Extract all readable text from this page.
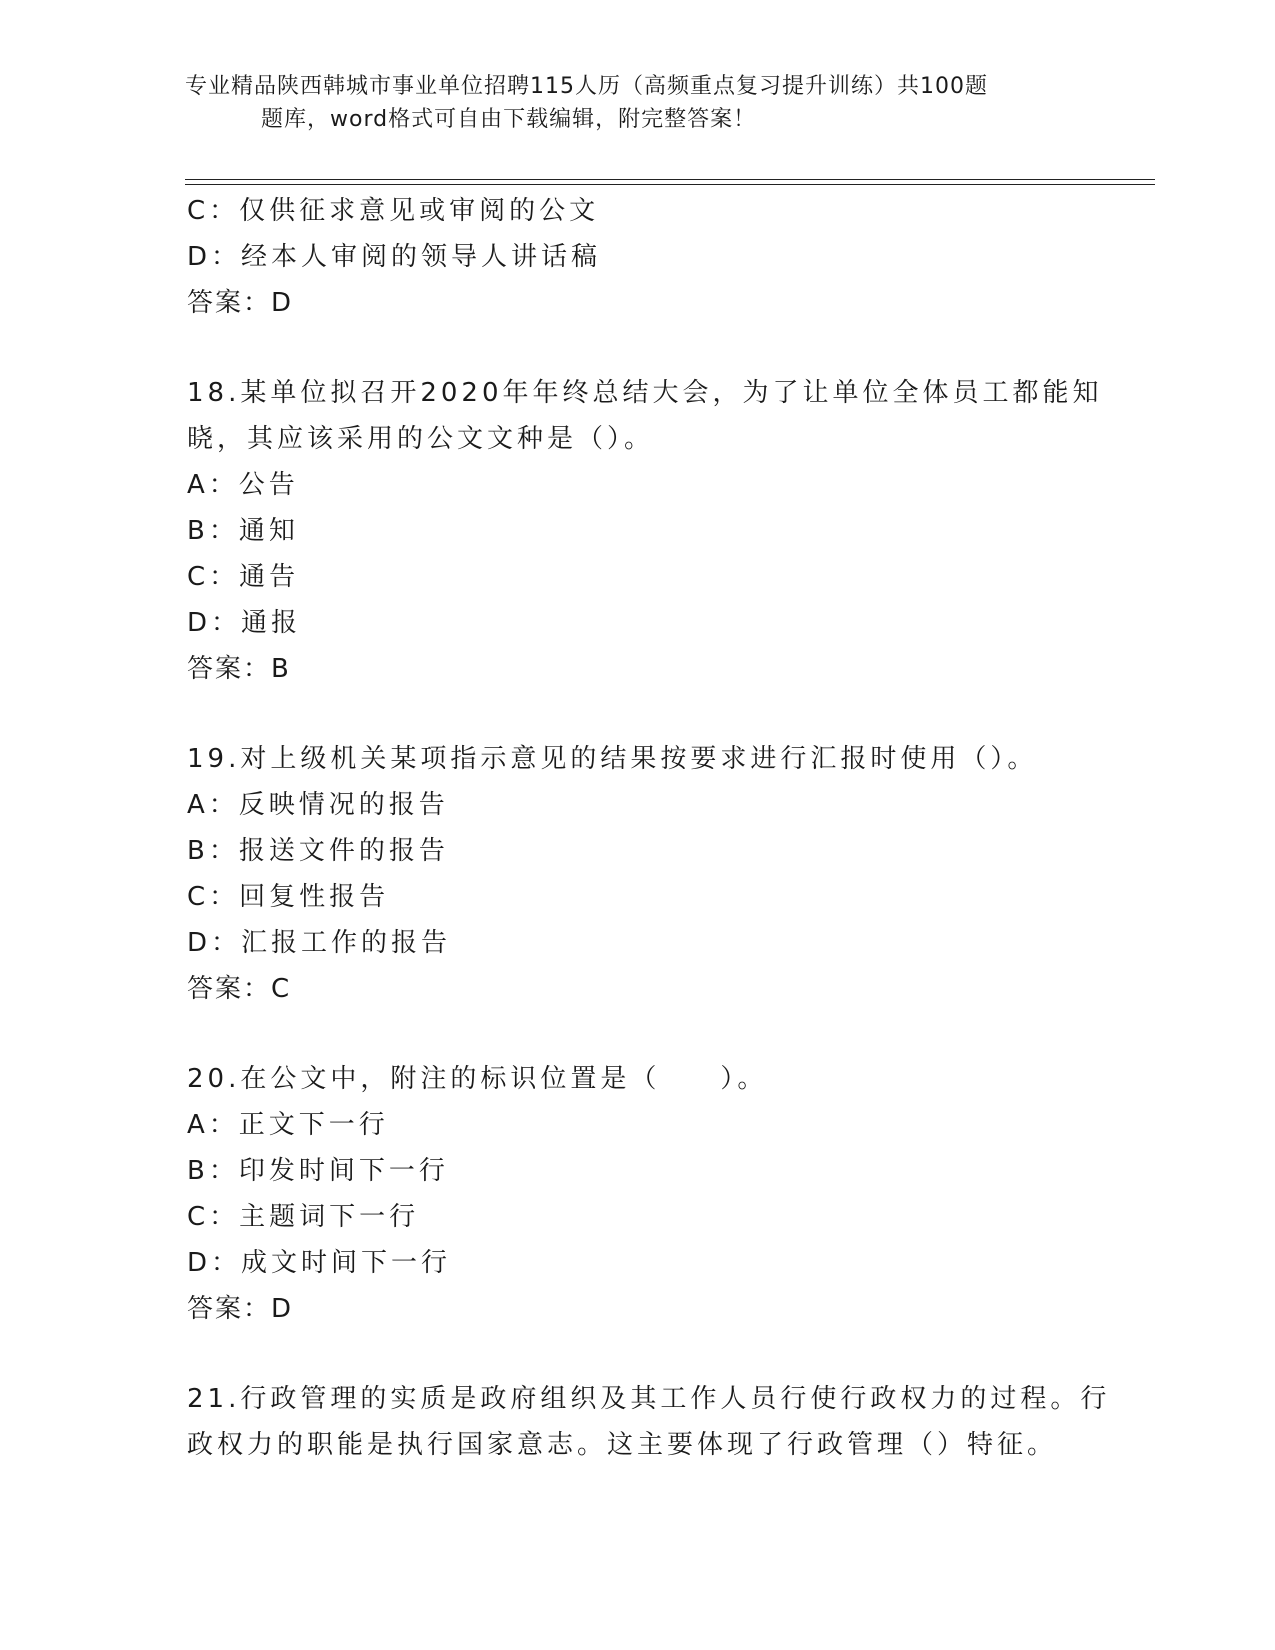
专业精品陕西韩城市事业单位招聘115人历（高频重点复习提升训练）共100题
题库，word格式可自由下载编辑，附完整答案！
C：仅供征求意见或审阅的公文
D：经本人审阅的领导人讲话稿
答案：D
18.某单位拟召开2020年年终总结大会，为了让单位全体员工都能知
晓，其应该采用的公文文种是（）。
A：公告
B：通知
C：通告
D：通报
答案：B
19.对上级机关某项指示意见的结果按要求进行汇报时使用（）。
A：反映情况的报告
B：报送文件的报告
C：回复性报告
D：汇报工作的报告
答案：C
20.在公文中，附注的标识位置是（　　）。
A：正文下一行
B：印发时间下一行
C：主题词下一行
D：成文时间下一行
答案：D
21.行政管理的实质是政府组织及其工作人员行使行政权力的过程。行
政权力的职能是执行国家意志。这主要体现了行政管理（）特征。
